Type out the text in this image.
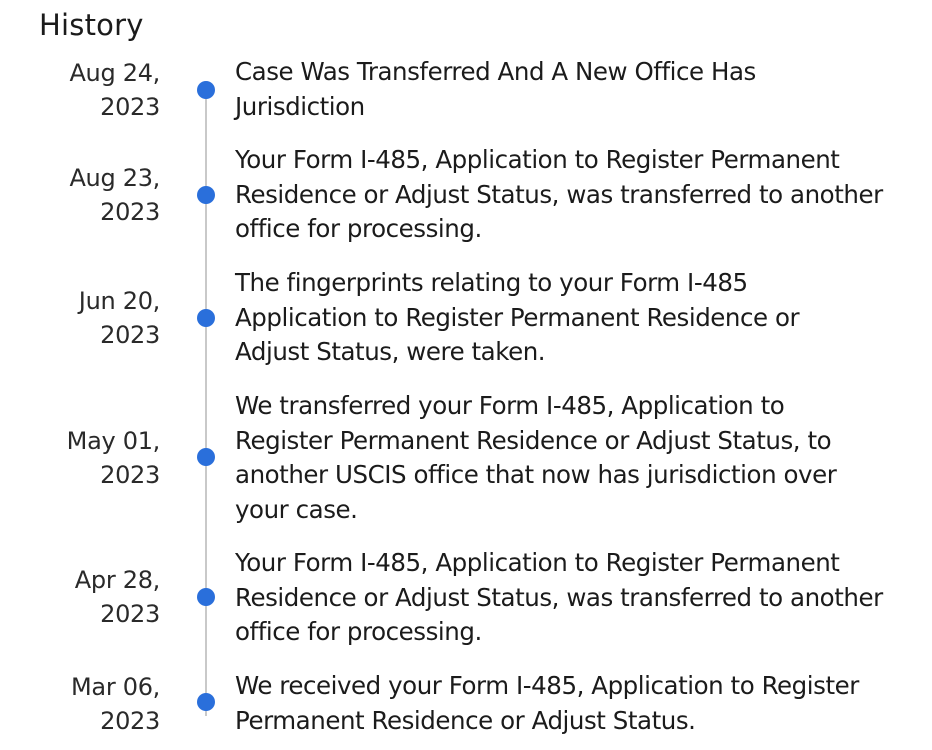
History
Aug 24,
2023
Case Was Transferred And A New Office Has Jurisdiction
Aug 23,
2023
Your Form I-485, Application to Register Permanent Residence or Adjust Status, was transferred to another office for processing.
Jun 20,
2023
The fingerprints relating to your Form I-485 Application to Register Permanent Residence or Adjust Status, were taken.
May 01,
2023
We transferred your Form I-485, Application to Register Permanent Residence or Adjust Status, to another USCIS office that now has jurisdiction over your case.
Apr 28,
2023
Your Form I-485, Application to Register Permanent Residence or Adjust Status, was transferred to another office for processing.
Mar 06,
2023
We received your Form I-485, Application to Register Permanent Residence or Adjust Status.
